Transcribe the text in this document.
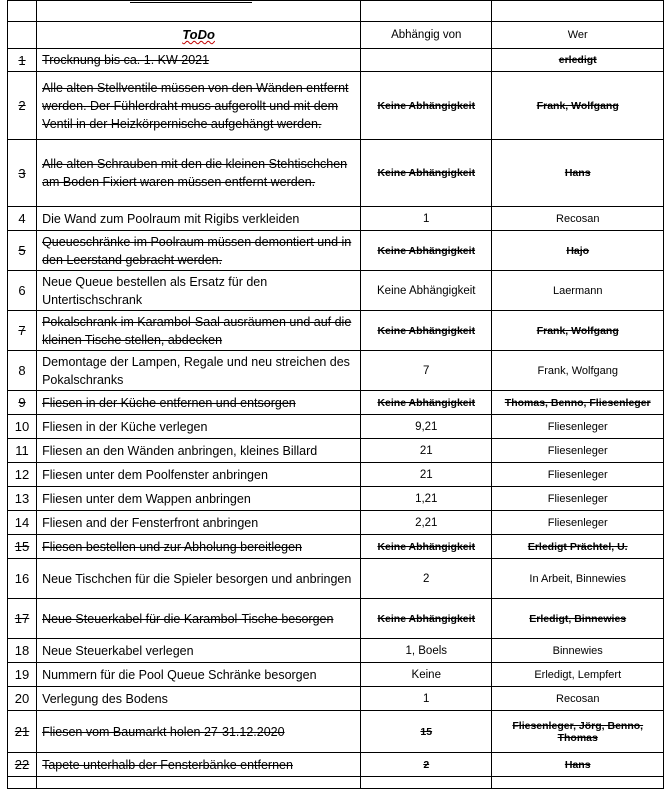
	ToDo	Abhängig von	Wer
1	Trocknung bis ca. 1. KW 2021		erledigt
2	Alle alten Stellventile müssen von den Wänden entfernt werden. Der Fühlerdraht muss aufgerollt und mit dem Ventil in der Heizkörpernische aufgehängt werden.	Keine Abhängigkeit	Frank, Wolfgang
3	Alle alten Schrauben mit den die kleinen Stehtischchen am Boden Fixiert waren müssen entfernt werden.	Keine Abhängigkeit	Hans
4	Die Wand zum Poolraum mit Rigibs verkleiden	1	Recosan
5	Queueschränke im Poolraum müssen demontiert und in den Leerstand gebracht werden.	Keine Abhängigkeit	Hajo
6	Neue Queue bestellen als Ersatz für den Untertischschrank	Keine Abhängigkeit	Laermann
7	Pokalschrank im Karambol-Saal ausräumen und auf die kleinen Tische stellen, abdecken	Keine Abhängigkeit	Frank, Wolfgang
8	Demontage der Lampen, Regale und neu streichen des Pokalschranks	7	Frank, Wolfgang
9	Fliesen in der Küche entfernen und entsorgen	Keine Abhängigkeit	Thomas, Benno, Fliesenleger
10	Fliesen in der Küche verlegen	9,21	Fliesenleger
11	Fliesen an den Wänden anbringen, kleines Billard	21	Fliesenleger
12	Fliesen unter dem Poolfenster anbringen	21	Fliesenleger
13	Fliesen unter dem Wappen anbringen	1,21	Fliesenleger
14	Fliesen and der Fensterfront anbringen	2,21	Fliesenleger
15	Fliesen bestellen und zur Abholung bereitlegen	Keine Abhängigkeit	Erledigt Prächtel, U.
16	Neue Tischchen für die Spieler besorgen und anbringen	2	In Arbeit, Binnewies
17	Neue Steuerkabel für die Karambol-Tische besorgen	Keine Abhängigkeit	Erledigt, Binnewies
18	Neue Steuerkabel verlegen	1, Boels	Binnewies
19	Nummern für die Pool Queue Schränke besorgen	Keine	Erledigt, Lempfert
20	Verlegung des Bodens	1	Recosan
21	Fliesen vom Baumarkt holen 27-31.12.2020	15	Fliesenleger, Jörg, Benno, Thomas
22	Tapete unterhalb der Fensterbänke entfernen	2	Hans
